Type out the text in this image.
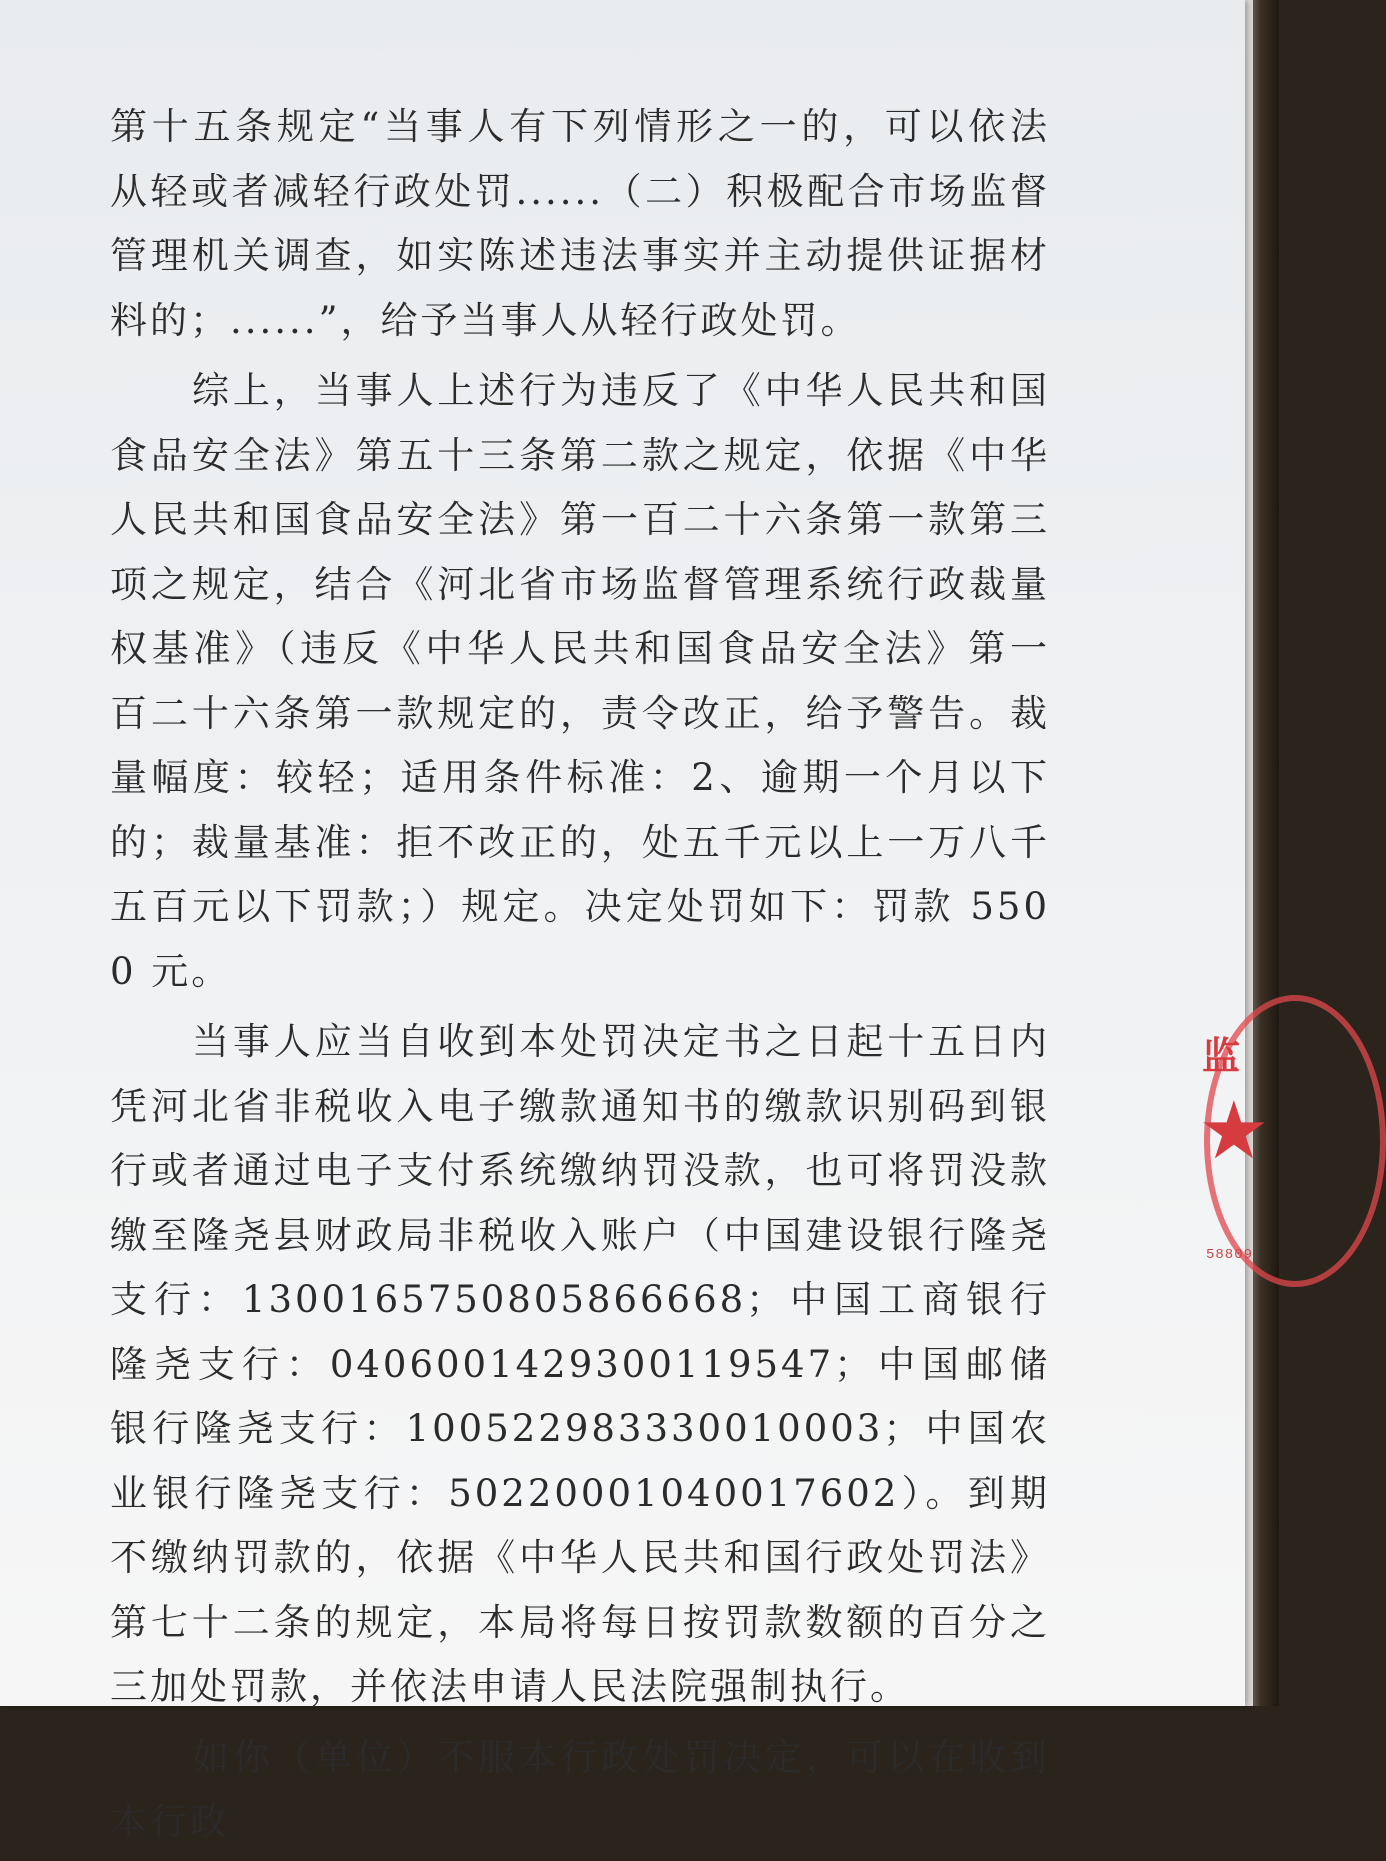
第十五条规定“当事人有下列情形之一的，可以依法从轻或者减轻行政处罚......（二）积极配合市场监督管理机关调查，如实陈述违法事实并主动提供证据材料的；......”，给予当事人从轻行政处罚。

综上，当事人上述行为违反了《中华人民共和国食品安全法》第五十三条第二款之规定，依据《中华人民共和国食品安全法》第一百二十六条第一款第三项之规定，结合《河北省市场监督管理系统行政裁量权基准》（违反《中华人民共和国食品安全法》第一百二十六条第一款规定的，责令改正，给予警告。裁量幅度：较轻；适用条件标准：2、逾期一个月以下的；裁量基准：拒不改正的，处五千元以上一万八千五百元以下罚款；）规定。决定处罚如下：罚款 5500 元。

当事人应当自收到本处罚决定书之日起十五日内凭河北省非税收入电子缴款通知书的缴款识别码到银行或者通过电子支付系统缴纳罚没款，也可将罚没款缴至隆尧县财政局非税收入账户（中国建设银行隆尧支行：1300165750805866668；中国工商银行隆尧支行：0406001429300119547；中国邮储银行隆尧支行：100522983330010003；中国农业银行隆尧支行：50220001040017602）。到期不缴纳罚款的，依据《中华人民共和国行政处罚法》第七十二条的规定，本局将每日按罚款数额的百分之三加处罚款，并依法申请人民法院强制执行。

如你（单位）不服本行政处罚决定，可以在收到本行政

监
★
58809
